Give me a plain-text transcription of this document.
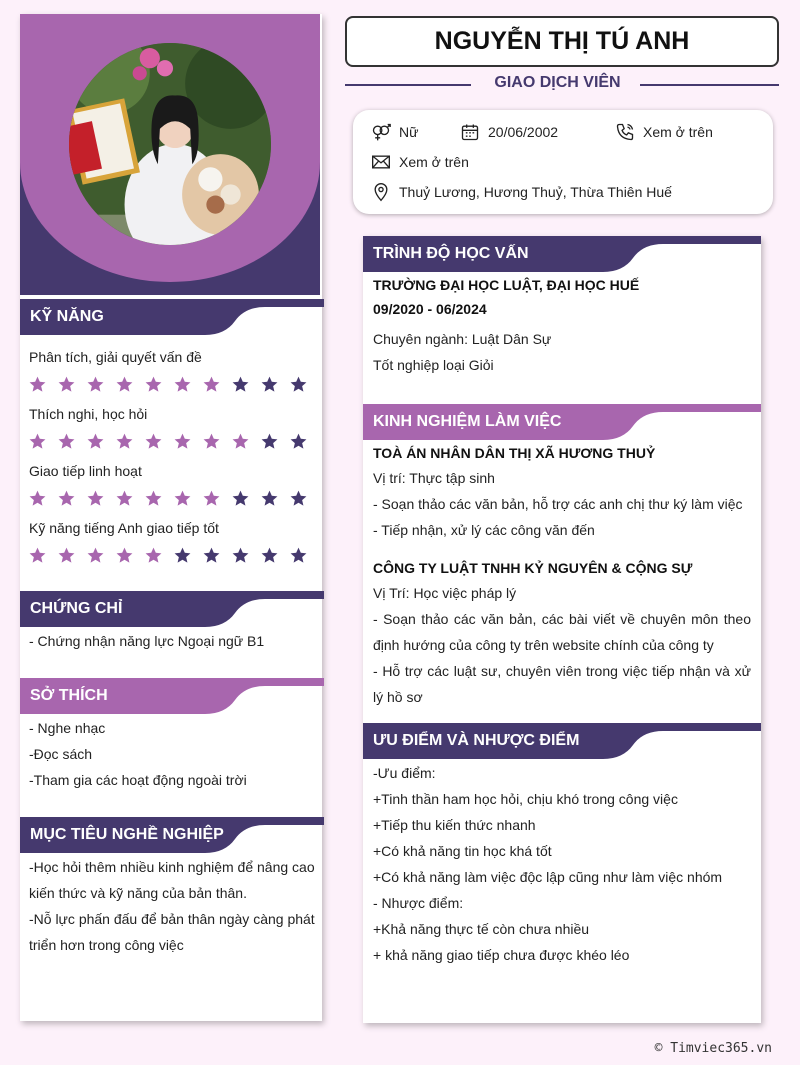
KỸ NĂNG
Phân tích, giải quyết vấn đề
Thích nghi, học hỏi
Giao tiếp linh hoạt
Kỹ năng tiếng Anh giao tiếp tốt
CHỨNG CHỈ
- Chứng nhận năng lực Ngoại ngữ B1
SỞ THÍCH
- Nghe nhạc
-Đọc sách
-Tham gia các hoạt động ngoài trời
MỤC TIÊU NGHỀ NGHIỆP
-Học hỏi thêm nhiều kinh nghiệm để nâng cao kiến thức và kỹ năng của bản thân.
-Nỗ lực phấn đấu để bản thân ngày càng phát triển hơn trong công việc
NGUYỄN THỊ TÚ ANH
GIAO DỊCH VIÊN
Nữ	20/06/2002	Xem ở trên
Xem ở trên
Thuỷ Lương, Hương Thuỷ, Thừa Thiên Huế
TRÌNH ĐỘ HỌC VẤN
TRƯỜNG ĐẠI HỌC LUẬT, ĐẠI HỌC HUẾ
09/2020 - 06/2024
Chuyên ngành: Luật Dân Sự
Tốt nghiệp loại Giỏi
KINH NGHIỆM LÀM VIỆC
TOÀ ÁN NHÂN DÂN THỊ XÃ HƯƠNG THUỶ
Vị trí: Thực tập sinh
- Soạn thảo các văn bản, hỗ trợ các anh chị thư ký làm việc
- Tiếp nhận, xử lý các công văn đến
CÔNG TY LUẬT TNHH KỶ NGUYÊN & CỘNG SỰ
Vị Trí: Học việc pháp lý
- Soạn thảo các văn bản, các bài viết về chuyên môn theo định hướng của công ty trên website chính của công ty
- Hỗ trợ các luật sư, chuyên viên trong việc tiếp nhận và xử lý hồ sơ
ƯU ĐIỂM VÀ NHƯỢC ĐIỂM
-Ưu điểm:
+Tinh thần ham học hỏi, chịu khó trong công việc
+Tiếp thu kiến thức nhanh
+Có khả năng tin học khá tốt
+Có khả năng làm việc độc lập cũng như làm việc nhóm
- Nhược điểm:
+Khả năng thực tế còn chưa nhiều
+ khả năng giao tiếp chưa được khéo léo
© Timviec365.vn
